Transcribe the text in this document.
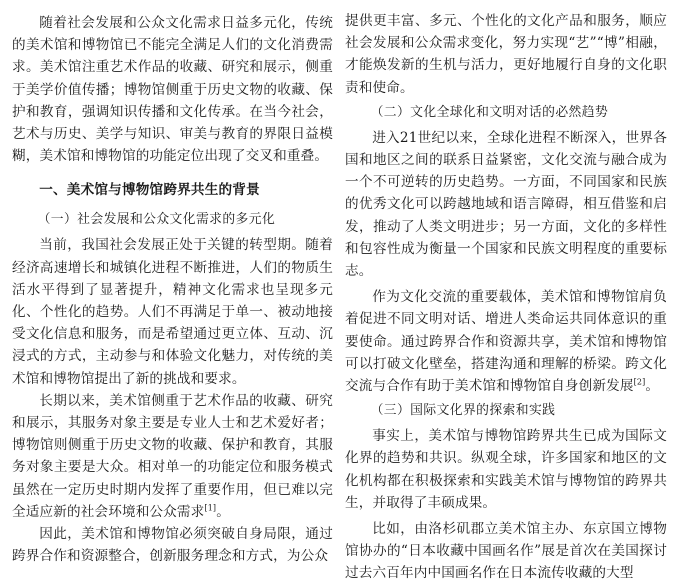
随着社会发展和公众文化需求日益多元化，传统的美术馆和博物馆已不能完全满足人们的文化消费需求。美术馆注重艺术作品的收藏、研究和展示，侧重于美学价值传播；博物馆侧重于历史文物的收藏、保护和教育，强调知识传播和文化传承。在当今社会，艺术与历史、美学与知识、审美与教育的界限日益模糊，美术馆和博物馆的功能定位出现了交叉和重叠。

一、美术馆与博物馆跨界共生的背景
（一）社会发展和公众文化需求的多元化

当前，我国社会发展正处于关键的转型期。随着经济高速增长和城镇化进程不断推进，人们的物质生活水平得到了显著提升，精神文化需求也呈现多元化、个性化的趋势。人们不再满足于单一、被动地接受文化信息和服务，而是希望通过更立体、互动、沉浸式的方式，主动参与和体验文化魅力，对传统的美术馆和博物馆提出了新的挑战和要求。

长期以来，美术馆侧重于艺术作品的收藏、研究和展示，其服务对象主要是专业人士和艺术爱好者；博物馆则侧重于历史文物的收藏、保护和教育，其服务对象主要是大众。相对单一的功能定位和服务模式虽然在一定历史时期内发挥了重要作用，但已难以完全适应新的社会环境和公众需求[1]。

因此，美术馆和博物馆必须突破自身局限，通过跨界合作和资源整合，创新服务理念和方式，为公众

提供更丰富、多元、个性化的文化产品和服务，顺应社会发展和公众需求变化，努力实现“艺”“博”相融，才能焕发新的生机与活力，更好地履行自身的文化职责和使命。

（二）文化全球化和文明对话的必然趋势

进入21世纪以来，全球化进程不断深入，世界各国和地区之间的联系日益紧密，文化交流与融合成为一个不可逆转的历史趋势。一方面，不同国家和民族的优秀文化可以跨越地域和语言障碍，相互借鉴和启发，推动了人类文明进步；另一方面，文化的多样性和包容性成为衡量一个国家和民族文明程度的重要标志。

作为文化交流的重要载体，美术馆和博物馆肩负着促进不同文明对话、增进人类命运共同体意识的重要使命。通过跨界合作和资源共享，美术馆和博物馆可以打破文化壁垒，搭建沟通和理解的桥梁。跨文化交流与合作有助于美术馆和博物馆自身创新发展[2]。

（三）国际文化界的探索和实践

事实上，美术馆与博物馆跨界共生已成为国际文化界的趋势和共识。纵观全球，许多国家和地区的文化机构都在积极探索和实践美术馆与博物馆的跨界共生，并取得了丰硕成果。

比如，由洛杉矶郡立美术馆主办、东京国立博物馆协办的“日本收藏中国画名作”展是首次在美国探讨过去六百年内中国画名作在日本流传收藏的大型
